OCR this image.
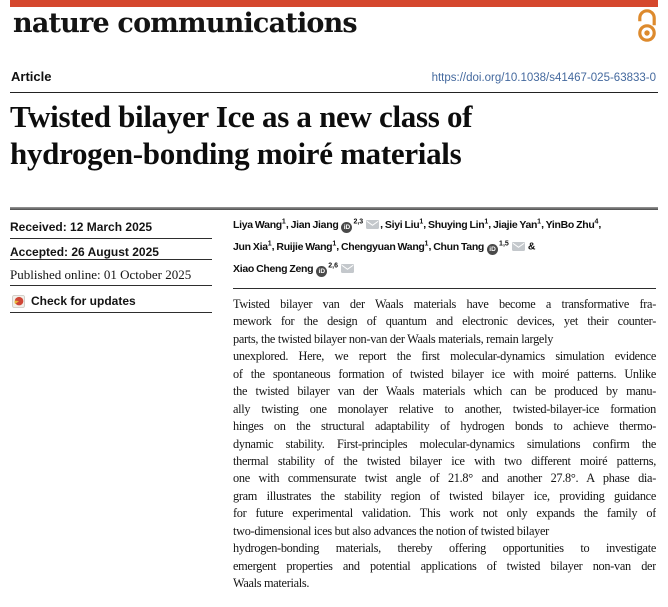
nature communications
Article	https://doi.org/10.1038/s41467-025-63833-0
Twisted bilayer Ice as a new class of
hydrogen-bonding moiré materials
Received: 12 March 2025
Accepted: 26 August 2025
Published online: 01 October 2025
Check for updates
Liya Wang$^1$, Jian Jiang iD$^{2,3}$ , Siyi Liu$^1$, Shuying Lin$^1$, Jiajie Yan$^1$, YinBo Zhu$^4$,
Jun Xia$^1$, Ruijie Wang$^1$, Chengyuan Wang$^1$, Chun Tang iD$^{1,5}$ &
Xiao Cheng Zeng iD$^{2,6}$
Twisted bilayer van der Waals materials have become a transformative fra-
mework for the design of quantum and electronic devices, yet their counter-
parts, the twisted bilayer non-van der Waals materials, remain largely
unexplored. Here, we report the first molecular-dynamics simulation evidence
of the spontaneous formation of twisted bilayer ice with moiré patterns. Unlike
the twisted bilayer van der Waals materials which can be produced by manu-
ally twisting one monolayer relative to another, twisted-bilayer-ice formation
hinges on the structural adaptability of hydrogen bonds to achieve thermo-
dynamic stability. First-principles molecular-dynamics simulations confirm the
thermal stability of the twisted bilayer ice with two different moiré patterns,
one with commensurate twist angle of 21.8° and another 27.8°. A phase dia-
gram illustrates the stability region of twisted bilayer ice, providing guidance
for future experimental validation. This work not only expands the family of
two-dimensional ices but also advances the notion of twisted bilayer
hydrogen-bonding materials, thereby offering opportunities to investigate
emergent properties and potential applications of twisted bilayer non-van der
Waals materials.
